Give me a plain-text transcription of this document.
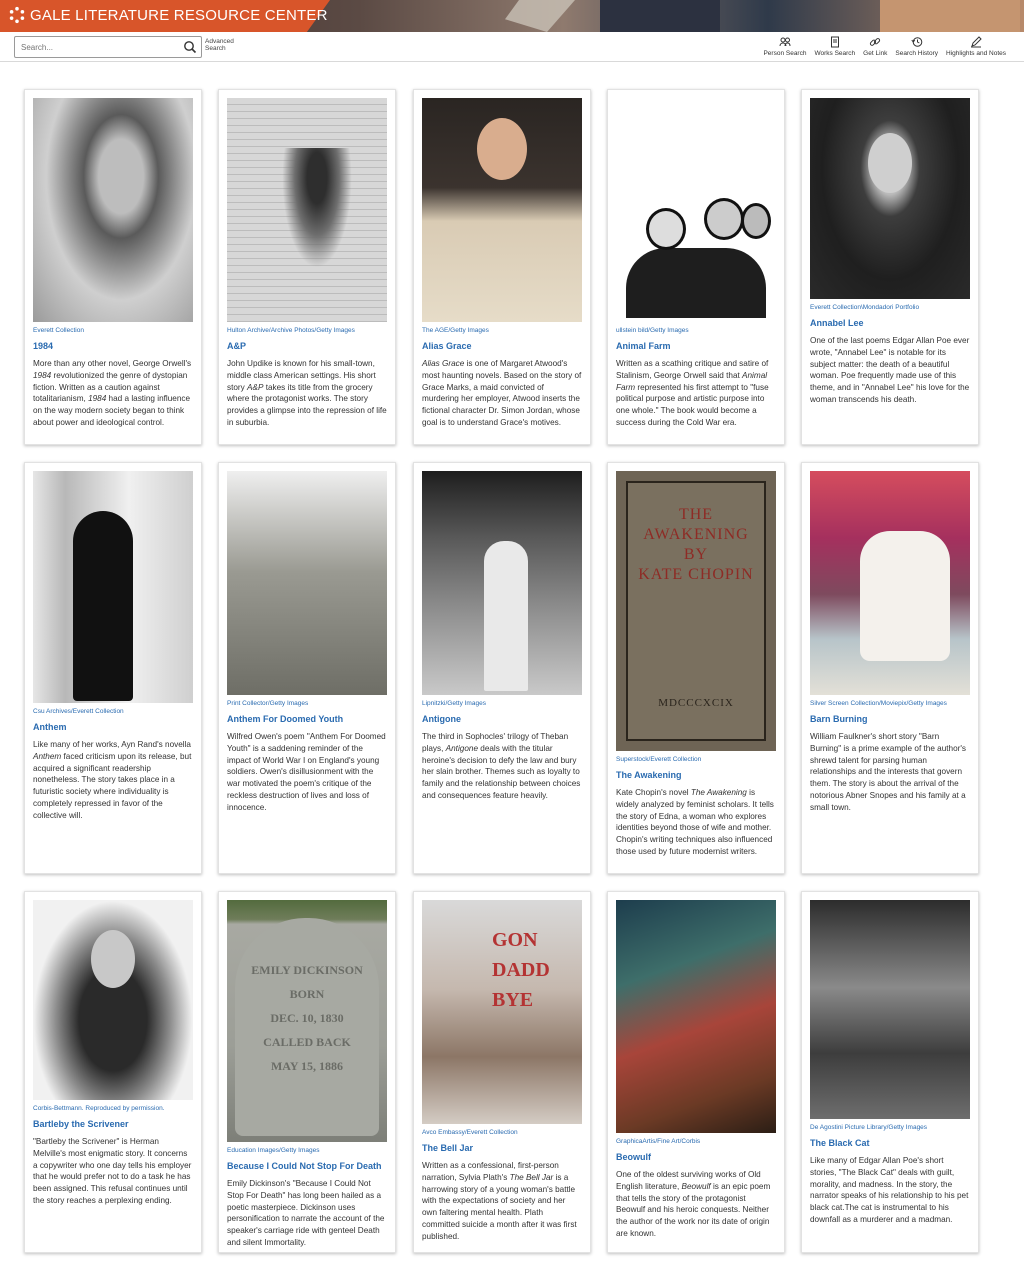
GALE LITERATURE RESOURCE CENTER
Search...
Advanced Search
Person Search Works Search Get Link Search History Highlights and Notes
Everett Collection
1984
More than any other novel, George Orwell's 1984 revolutionized the genre of dystopian fiction. Written as a caution against totalitarianism, 1984 had a lasting influence on the way modern society began to think about power and ideological control.
Hulton Archive/Archive Photos/Getty Images
A&P
John Updike is known for his small-town, middle class American settings. His short story A&P takes its title from the grocery where the protagonist works. The story provides a glimpse into the repression of life in suburbia.
The AGE/Getty Images
Alias Grace
Alias Grace is one of Margaret Atwood's most haunting novels. Based on the story of Grace Marks, a maid convicted of murdering her employer, Atwood inserts the fictional character Dr. Simon Jordan, whose goal is to understand Grace's motives.
ullstein bild/Getty Images
Animal Farm
Written as a scathing critique and satire of Stalinism, George Orwell said that Animal Farm represented his first attempt to "fuse political purpose and artistic purpose into one whole." The book would become a success during the Cold War era.
Everett Collection\Mondadori Portfolio
Annabel Lee
One of the last poems Edgar Allan Poe ever wrote, "Annabel Lee" is notable for its subject matter: the death of a beautiful woman. Poe frequently made use of this theme, and in "Annabel Lee" his love for the woman transcends his death.
Csu Archives/Everett Collection
Anthem
Like many of her works, Ayn Rand's novella Anthem faced criticism upon its release, but acquired a significant readership nonetheless. The story takes place in a futuristic society where individuality is completely repressed in favor of the collective will.
Print Collector/Getty Images
Anthem For Doomed Youth
Wilfred Owen's poem "Anthem For Doomed Youth" is a saddening reminder of the impact of World War I on England's young soldiers. Owen's disillusionment with the war motivated the poem's critique of the reckless destruction of lives and loss of innocence.
Lipnitzki/Getty Images
Antigone
The third in Sophocles' trilogy of Theban plays, Antigone deals with the titular heroine's decision to defy the law and bury her slain brother. Themes such as loyalty to family and the relationship between choices and consequences feature heavily.
THE
AWAKENING
BY
KATE CHOPIN
MDCCCXCIX
Superstock/Everett Collection
The Awakening
Kate Chopin's novel The Awakening is widely analyzed by feminist scholars. It tells the story of Edna, a woman who explores identities beyond those of wife and mother. Chopin's writing techniques also influenced those used by future modernist writers.
Silver Screen Collection/Moviepix/Getty Images
Barn Burning
William Faulkner's short story "Barn Burning" is a prime example of the author's shrewd talent for parsing human relationships and the interests that govern them. The story is about the arrival of the notorious Abner Snopes and his family at a small town.
Corbis-Bettmann. Reproduced by permission.
Bartleby the Scrivener
"Bartleby the Scrivener" is Herman Melville's most enigmatic story. It concerns a copywriter who one day tells his employer that he would prefer not to do a task he has been assigned. This refusal continues until the story reaches a perplexing ending.
EMILY DICKINSON
BORN
DEC. 10, 1830
CALLED BACK
MAY 15, 1886
Education Images/Getty Images
Because I Could Not Stop For Death
Emily Dickinson's "Because I Could Not Stop For Death" has long been hailed as a poetic masterpiece. Dickinson uses personification to narrate the account of the speaker's carriage ride with genteel Death and silent Immortality.
GON
DADD
BYE
Avco Embassy/Everett Collection
The Bell Jar
Written as a confessional, first-person narration, Sylvia Plath's The Bell Jar is a harrowing story of a young woman's battle with the expectations of society and her own faltering mental health. Plath committed suicide a month after it was first published.
GraphicaArtis/Fine Art/Corbis
Beowulf
One of the oldest surviving works of Old English literature, Beowulf is an epic poem that tells the story of the protagonist Beowulf and his heroic conquests. Neither the author of the work nor its date of origin are known.
De Agostini Picture Library/Getty Images
The Black Cat
Like many of Edgar Allan Poe's short stories, "The Black Cat" deals with guilt, morality, and madness. In the story, the narrator speaks of his relationship to his pet black cat.The cat is instrumental to his downfall as a murderer and a madman.
